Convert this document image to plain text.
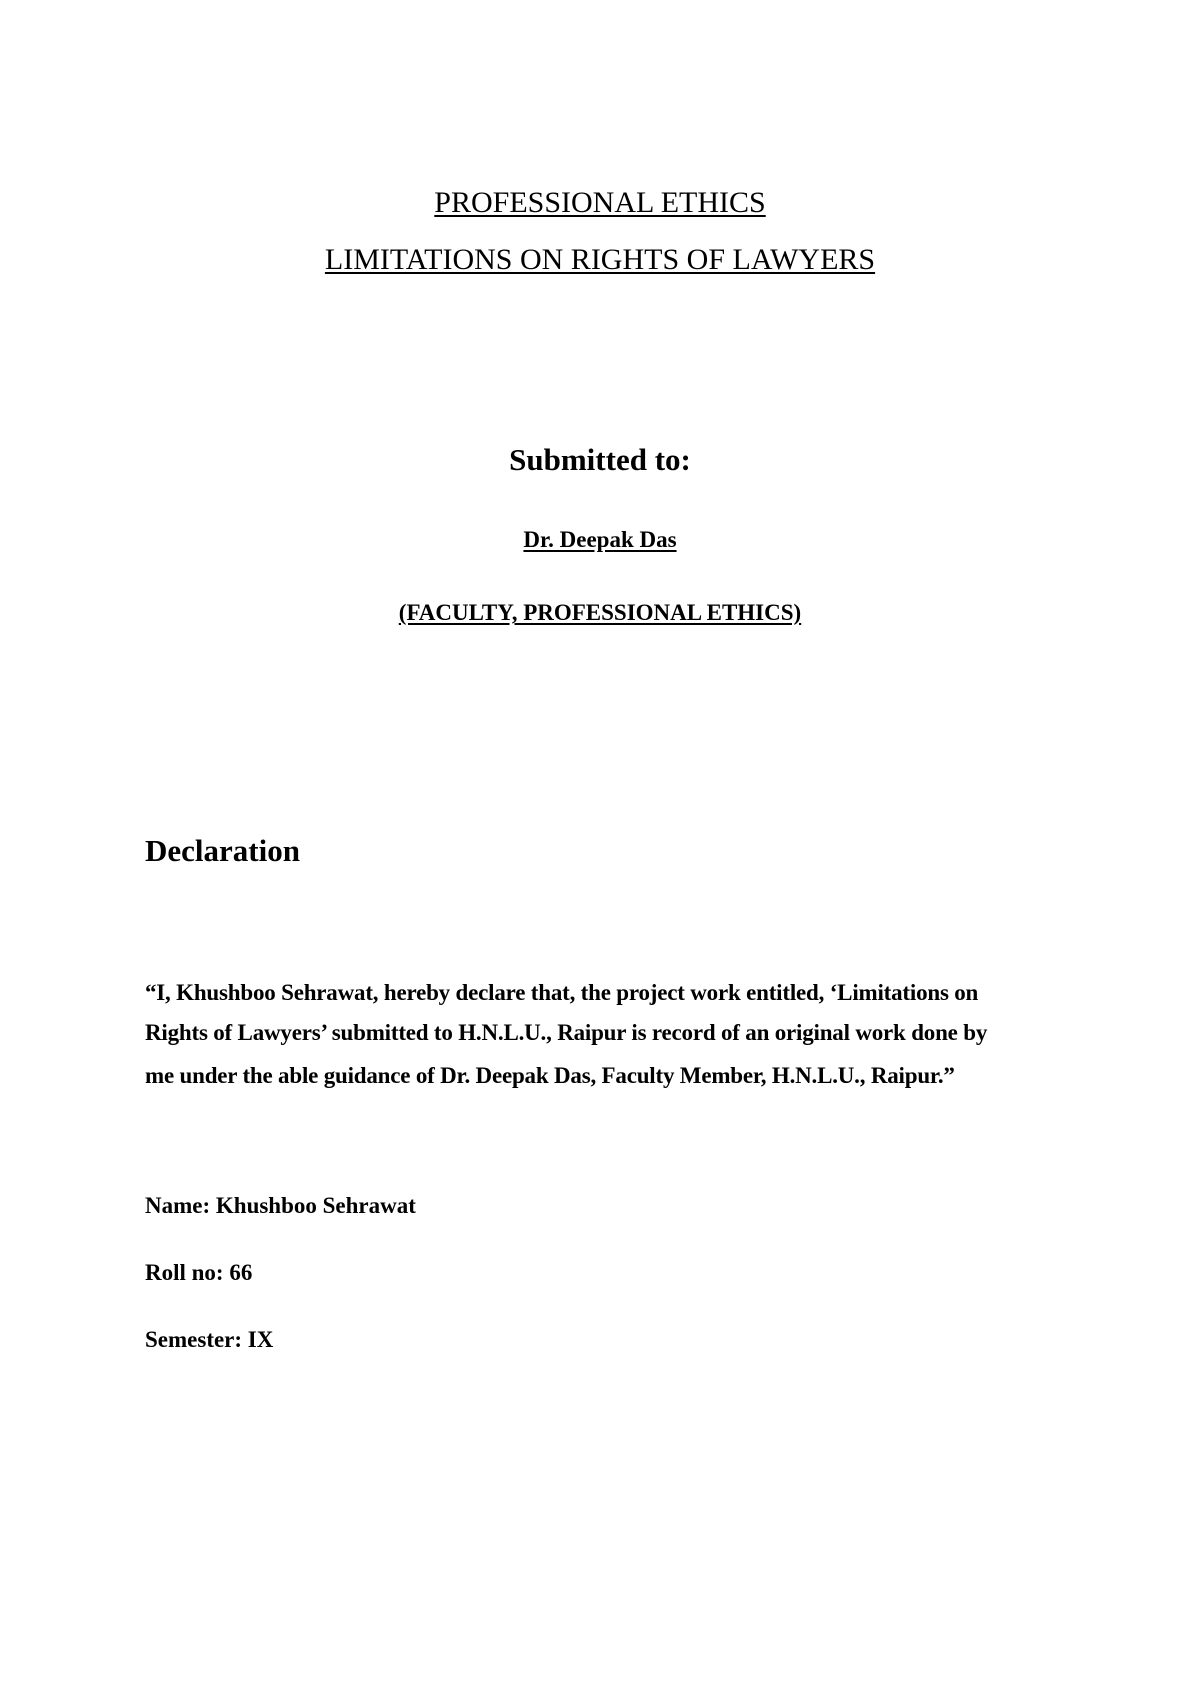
PROFESSIONAL ETHICS
LIMITATIONS ON RIGHTS OF LAWYERS
Submitted to:
Dr. Deepak Das
(FACULTY, PROFESSIONAL ETHICS)
Declaration
“I, Khushboo Sehrawat, hereby declare that, the project work entitled, ‘Limitations on
Rights of Lawyers’ submitted to H.N.L.U., Raipur is record of an original work done by
me under the able guidance of Dr. Deepak Das, Faculty Member, H.N.L.U., Raipur.”
Name: Khushboo Sehrawat
Roll no: 66
Semester: IX
